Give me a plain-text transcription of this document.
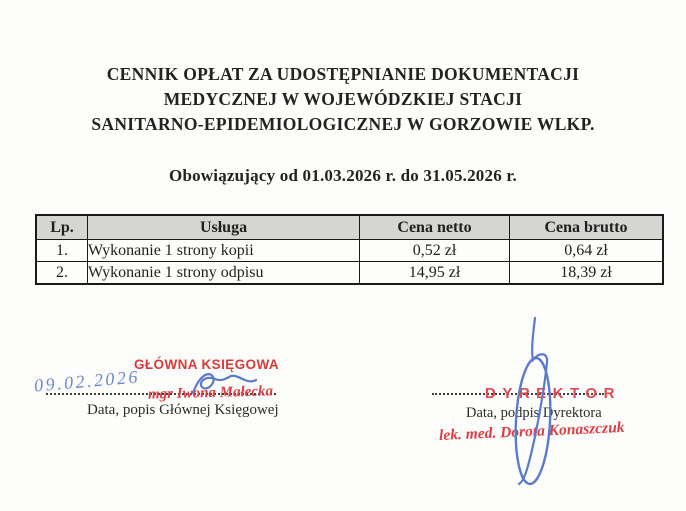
CENNIK OPŁAT ZA UDOSTĘPNIANIE DOKUMENTACJI
MEDYCZNEJ W WOJEWÓDZKIEJ STACJI
SANITARNO-EPIDEMIOLOGICZNEJ W GORZOWIE WLKP.
Obowiązujący od 01.03.2026 r. do 31.05.2026 r.
Lp.	Usługa	Cena netto	Cena brutto
1.	Wykonanie 1 strony kopii	0,52 zł	0,64 zł
2.	Wykonanie 1 strony odpisu	14,95 zł	18,39 zł
GŁÓWNA KSIĘGOWA
09.02.2026 mgr Iwona Małecka
Data, popis Głównej Księgowej
DYREKTOR
Data, podpis Dyrektora
lek. med. Dorota Konaszczuk
